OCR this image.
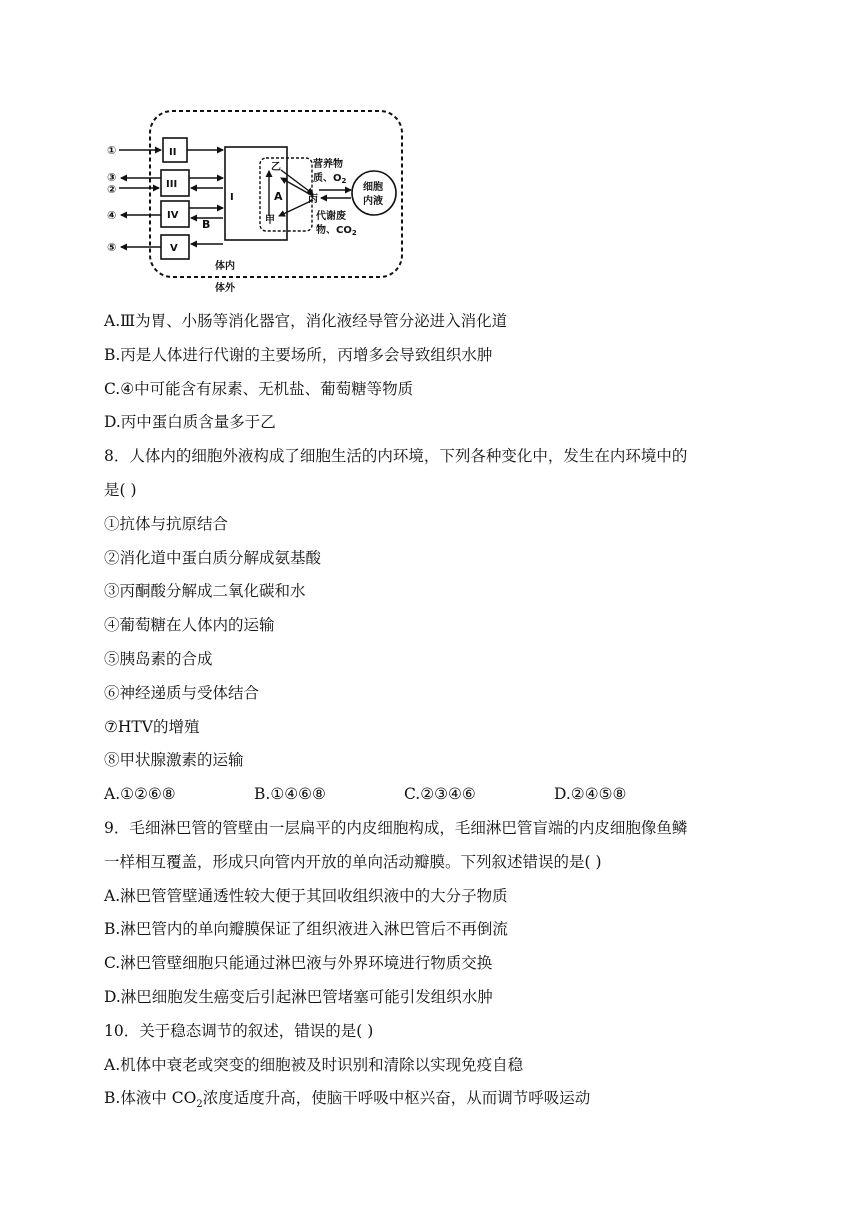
①
③
②
④
⑤
II
III
IV
V
I
B
A
乙
甲
丙
营养物
质、$O_2$
细胞
内液
代谢废
物、$CO_2$
体内
体外
A.Ⅲ为胃、小肠等消化器官，消化液经导管分泌进入消化道
B.丙是人体进行代谢的主要场所，丙增多会导致组织水肿
C.④中可能含有尿素、无机盐、葡萄糖等物质
D.丙中蛋白质含量多于乙
8．人体内的细胞外液构成了细胞生活的内环境，下列各种变化中，发生在内环境中的
是( )
①抗体与抗原结合
②消化道中蛋白质分解成氨基酸
③丙酮酸分解成二氧化碳和水
④葡萄糖在人体内的运输
⑤胰岛素的合成
⑥神经递质与受体结合
⑦HTV的增殖
⑧甲状腺激素的运输
A.①②⑥⑧	B.①④⑥⑧	C.②③④⑥	D.②④⑤⑧
9．毛细淋巴管的管壁由一层扁平的内皮细胞构成，毛细淋巴管盲端的内皮细胞像鱼鳞
一样相互覆盖，形成只向管内开放的单向活动瓣膜。下列叙述错误的是( )
A.淋巴管管壁通透性较大便于其回收组织液中的大分子物质
B.淋巴管内的单向瓣膜保证了组织液进入淋巴管后不再倒流
C.淋巴管壁细胞只能通过淋巴液与外界环境进行物质交换
D.淋巴细胞发生癌变后引起淋巴管堵塞可能引发组织水肿
10．关于稳态调节的叙述，错误的是( )
A.机体中衰老或突变的细胞被及时识别和清除以实现免疫自稳
B.体液中 $CO_2$浓度适度升高，使脑干呼吸中枢兴奋，从而调节呼吸运动
